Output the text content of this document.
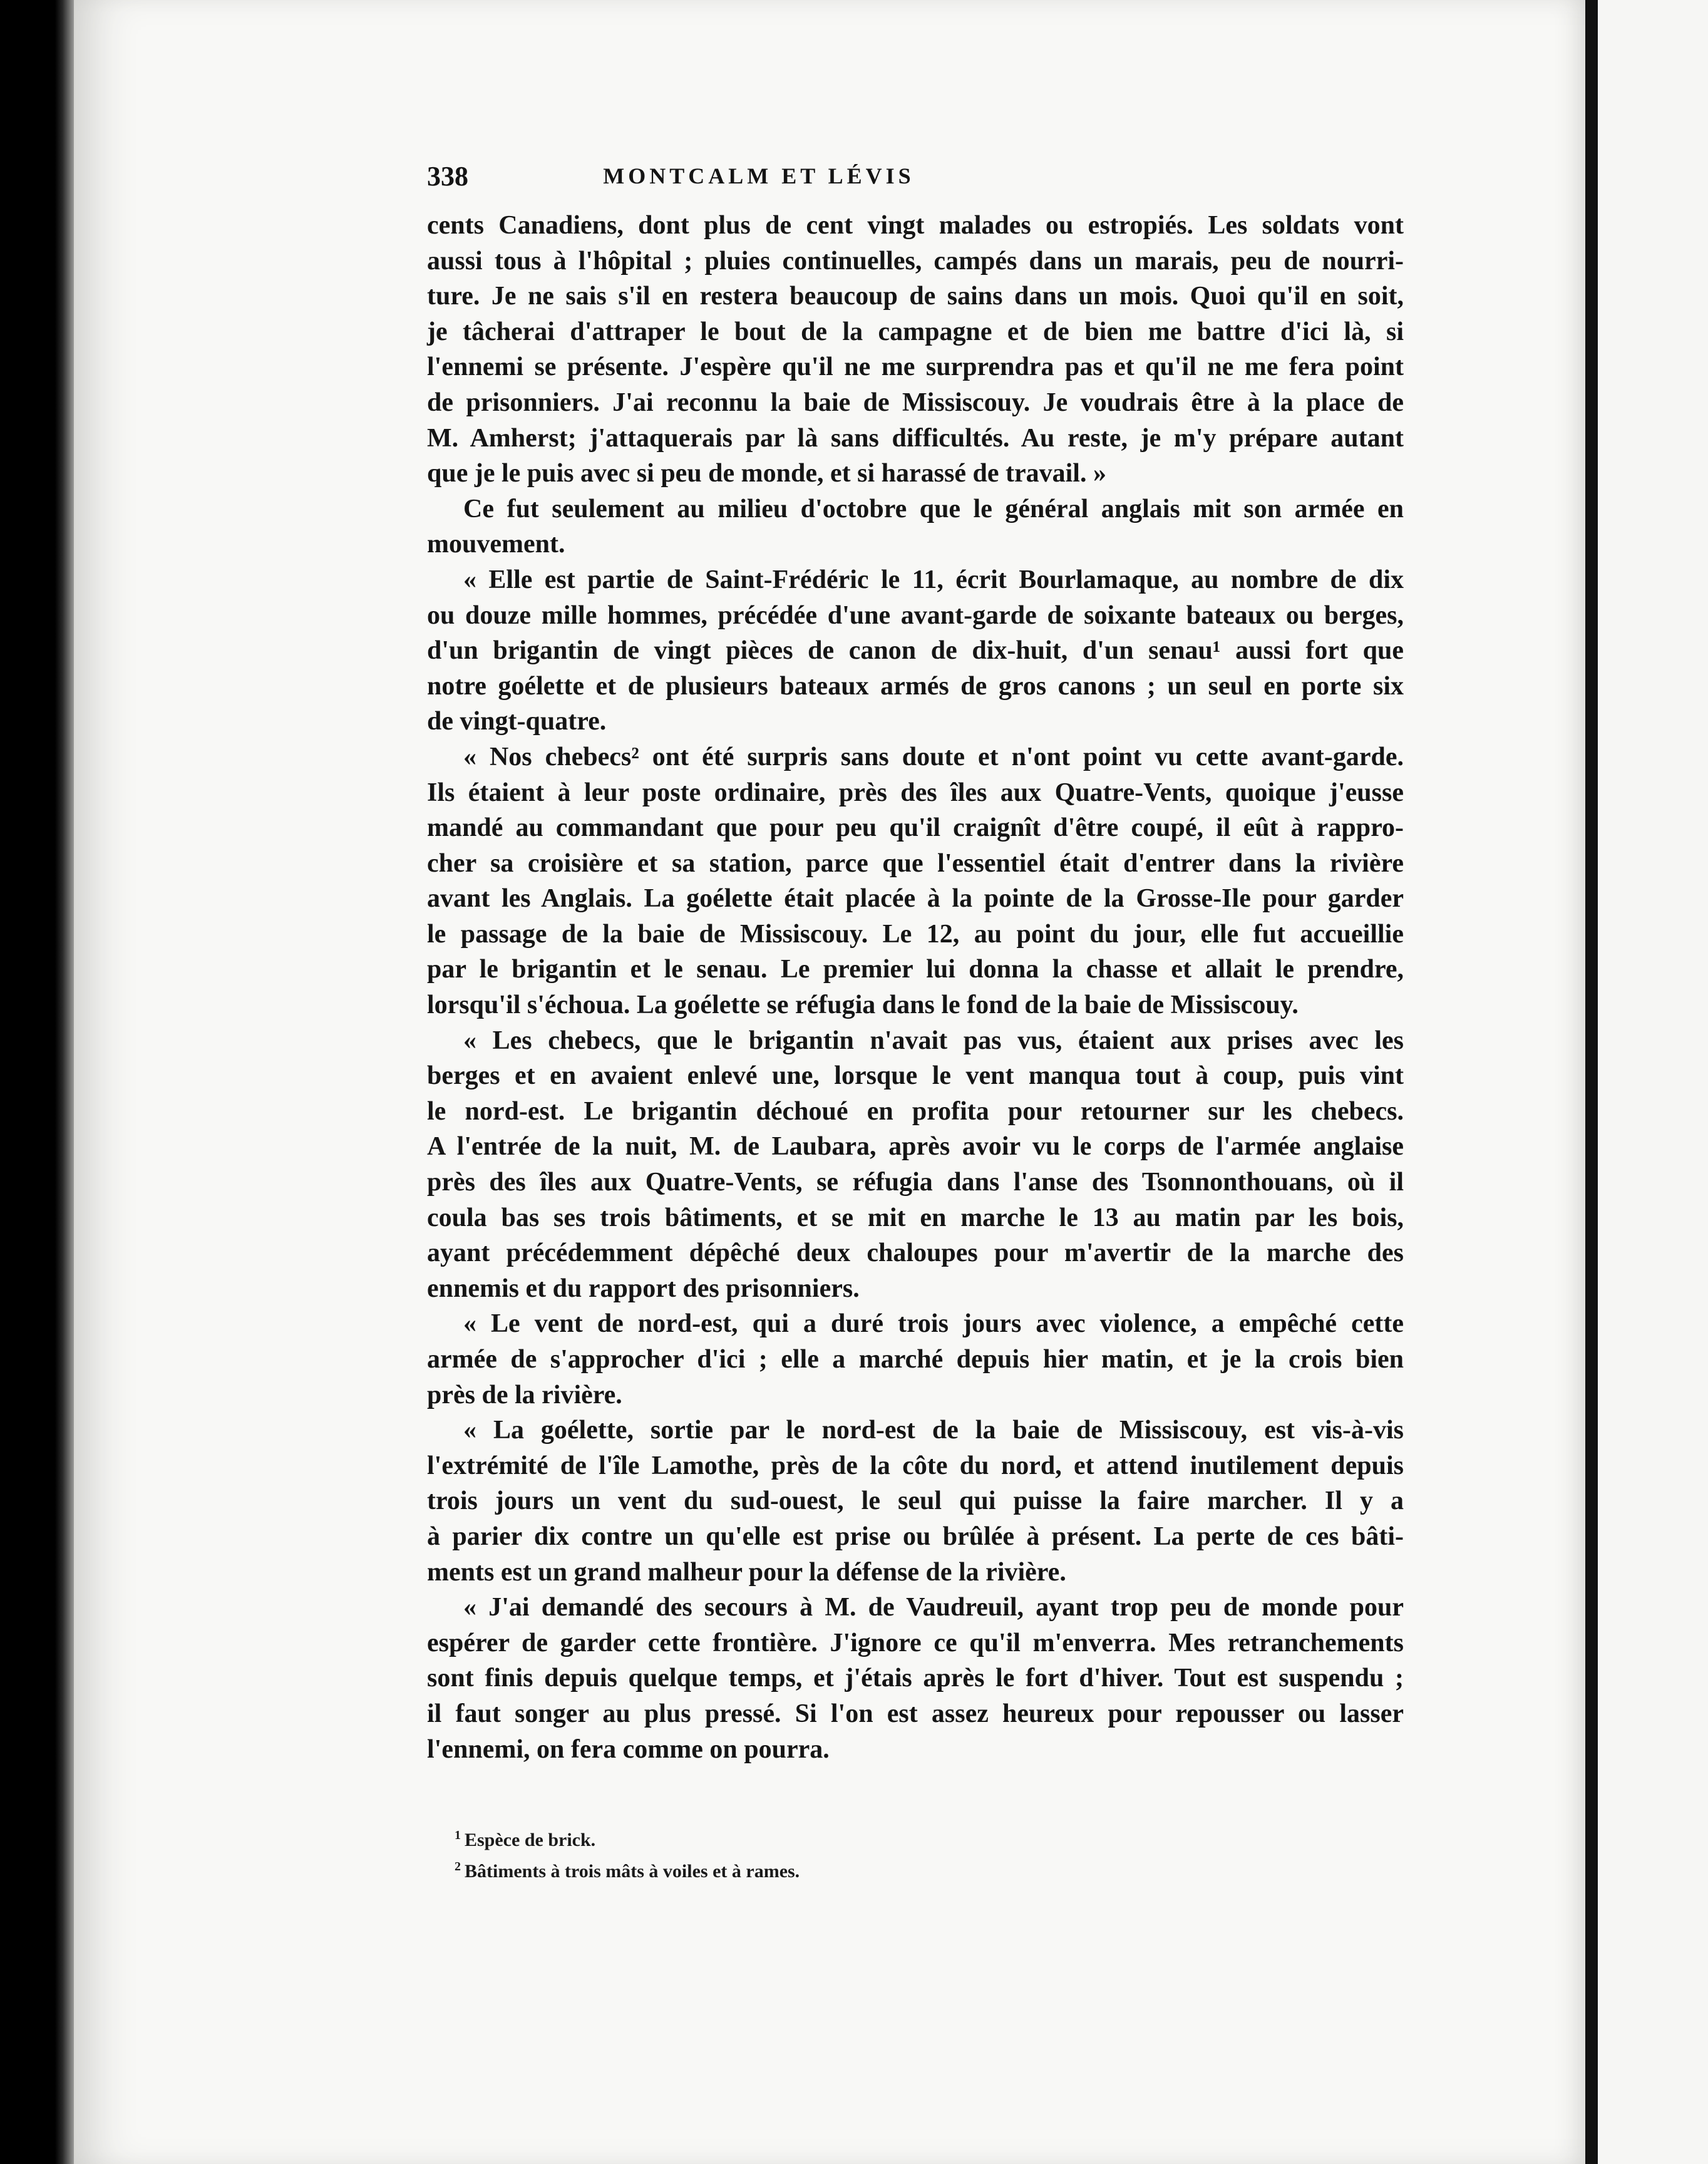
338	MONTCALM ET LÉVIS
cents Canadiens, dont plus de cent vingt malades ou estropiés. Les soldats vont
aussi tous à l'hôpital ; pluies continuelles, campés dans un marais, peu de nourri-
ture. Je ne sais s'il en restera beaucoup de sains dans un mois. Quoi qu'il en soit,
je tâcherai d'attraper le bout de la campagne et de bien me battre d'ici là, si
l'ennemi se présente. J'espère qu'il ne me surprendra pas et qu'il ne me fera point
de prisonniers. J'ai reconnu la baie de Missiscouy. Je voudrais être à la place de
M. Amherst; j'attaquerais par là sans difficultés. Au reste, je m'y prépare autant
que je le puis avec si peu de monde, et si harassé de travail. »
Ce fut seulement au milieu d'octobre que le général anglais mit son armée en
mouvement.
« Elle est partie de Saint-Frédéric le 11, écrit Bourlamaque, au nombre de dix
ou douze mille hommes, précédée d'une avant-garde de soixante bateaux ou berges,
d'un brigantin de vingt pièces de canon de dix-huit, d'un senau¹ aussi fort que
notre goélette et de plusieurs bateaux armés de gros canons ; un seul en porte six
de vingt-quatre.
« Nos chebecs² ont été surpris sans doute et n'ont point vu cette avant-garde.
Ils étaient à leur poste ordinaire, près des îles aux Quatre-Vents, quoique j'eusse
mandé au commandant que pour peu qu'il craignît d'être coupé, il eût à rappro-
cher sa croisière et sa station, parce que l'essentiel était d'entrer dans la rivière
avant les Anglais. La goélette était placée à la pointe de la Grosse-Ile pour garder
le passage de la baie de Missiscouy. Le 12, au point du jour, elle fut accueillie
par le brigantin et le senau. Le premier lui donna la chasse et allait le prendre,
lorsqu'il s'échoua. La goélette se réfugia dans le fond de la baie de Missiscouy.
« Les chebecs, que le brigantin n'avait pas vus, étaient aux prises avec les
berges et en avaient enlevé une, lorsque le vent manqua tout à coup, puis vint
le nord-est. Le brigantin déchoué en profita pour retourner sur les chebecs.
A l'entrée de la nuit, M. de Laubara, après avoir vu le corps de l'armée anglaise
près des îles aux Quatre-Vents, se réfugia dans l'anse des Tsonnonthouans, où il
coula bas ses trois bâtiments, et se mit en marche le 13 au matin par les bois,
ayant précédemment dépêché deux chaloupes pour m'avertir de la marche des
ennemis et du rapport des prisonniers.
« Le vent de nord-est, qui a duré trois jours avec violence, a empêché cette
armée de s'approcher d'ici ; elle a marché depuis hier matin, et je la crois bien
près de la rivière.
« La goélette, sortie par le nord-est de la baie de Missiscouy, est vis-à-vis
l'extrémité de l'île Lamothe, près de la côte du nord, et attend inutilement depuis
trois jours un vent du sud-ouest, le seul qui puisse la faire marcher. Il y a
à parier dix contre un qu'elle est prise ou brûlée à présent. La perte de ces bâti-
ments est un grand malheur pour la défense de la rivière.
« J'ai demandé des secours à M. de Vaudreuil, ayant trop peu de monde pour
espérer de garder cette frontière. J'ignore ce qu'il m'enverra. Mes retranchements
sont finis depuis quelque temps, et j'étais après le fort d'hiver. Tout est suspendu ;
il faut songer au plus pressé. Si l'on est assez heureux pour repousser ou lasser
l'ennemi, on fera comme on pourra.
$^1$ Espèce de brick.
$^2$ Bâtiments à trois mâts à voiles et à rames.
